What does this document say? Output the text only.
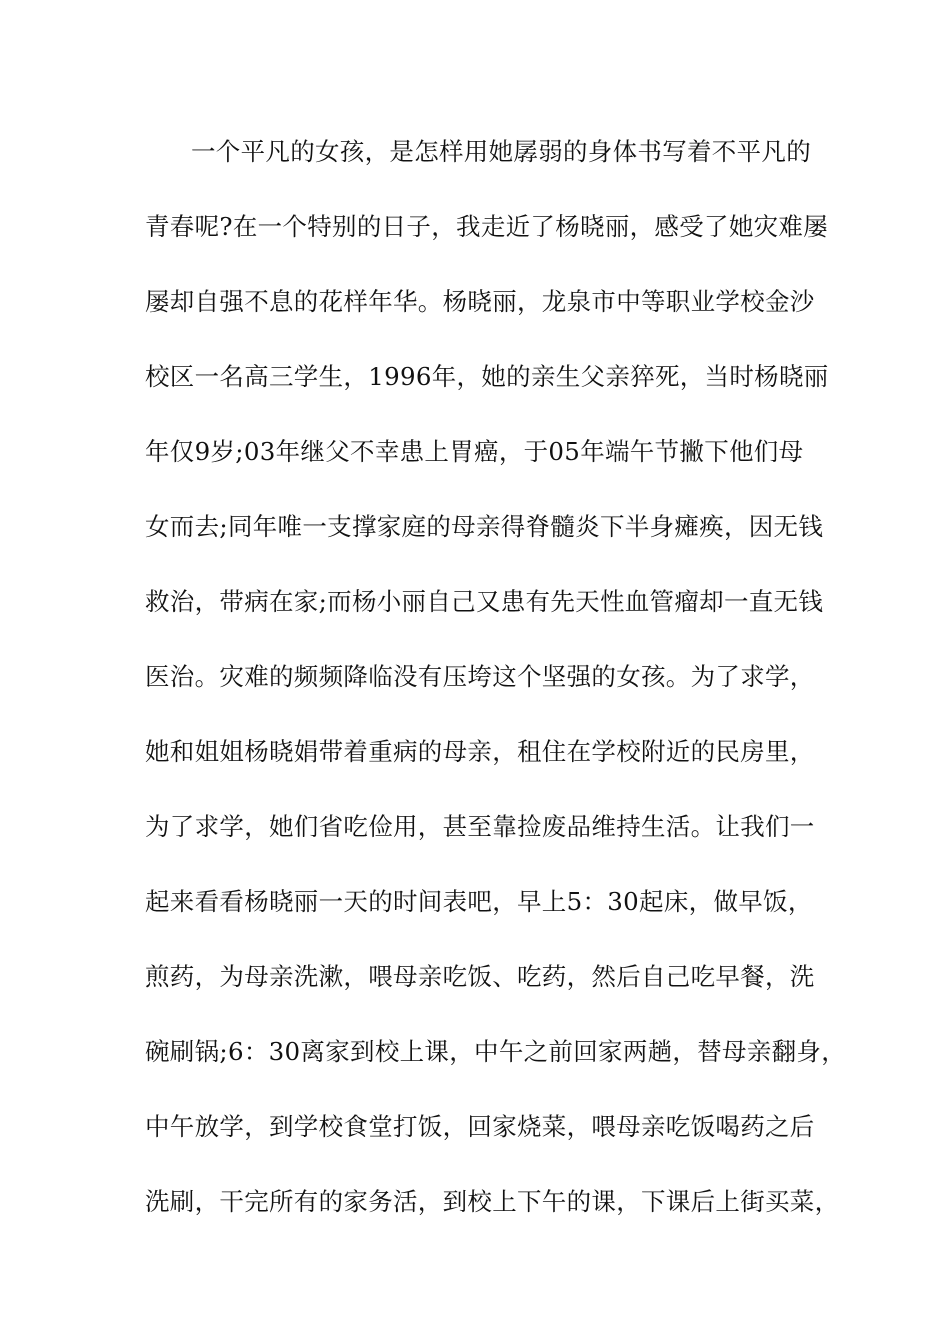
一个平凡的女孩，是怎样用她孱弱的身体书写着不平凡的
青春呢?在一个特别的日子，我走近了杨晓丽，感受了她灾难屡
屡却自强不息的花样年华。杨晓丽，龙泉市中等职业学校金沙
校区一名高三学生，1996年，她的亲生父亲猝死，当时杨晓丽
年仅9岁;03年继父不幸患上胃癌，于05年端午节撇下他们母
女而去;同年唯一支撑家庭的母亲得脊髓炎下半身瘫痪，因无钱
救治，带病在家;而杨小丽自己又患有先天性血管瘤却一直无钱
医治。灾难的频频降临没有压垮这个坚强的女孩。为了求学，
她和姐姐杨晓娟带着重病的母亲，租住在学校附近的民房里，
为了求学，她们省吃俭用，甚至靠捡废品维持生活。让我们一
起来看看杨晓丽一天的时间表吧，早上5：30起床，做早饭，
煎药，为母亲洗漱，喂母亲吃饭、吃药，然后自己吃早餐，洗
碗刷锅;6：30离家到校上课，中午之前回家两趟，替母亲翻身，
中午放学，到学校食堂打饭，回家烧菜，喂母亲吃饭喝药之后
洗刷，干完所有的家务活，到校上下午的课，下课后上街买菜，
